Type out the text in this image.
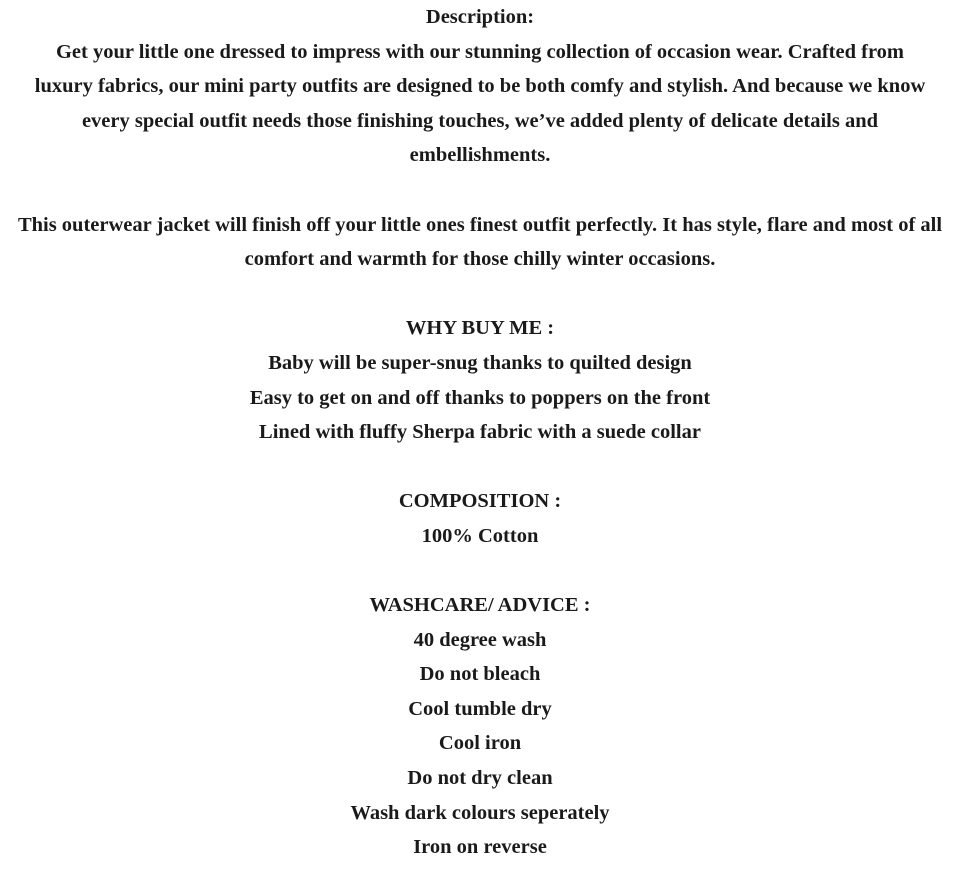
Description:
Get your little one dressed to impress with our stunning collection of occasion wear. Crafted from luxury fabrics, our mini party outfits are designed to be both comfy and stylish. And because we know every special outfit needs those finishing touches, we’ve added plenty of delicate details and embellishments.
This outerwear jacket will finish off your little ones finest outfit perfectly. It has style, flare and most of all comfort and warmth for those chilly winter occasions.
WHY BUY ME :
Baby will be super-snug thanks to quilted design
Easy to get on and off thanks to poppers on the front
Lined with fluffy Sherpa fabric with a suede collar
COMPOSITION :
100% Cotton
WASHCARE/ ADVICE :
40 degree wash
Do not bleach
Cool tumble dry
Cool iron
Do not dry clean
Wash dark colours seperately
Iron on reverse
